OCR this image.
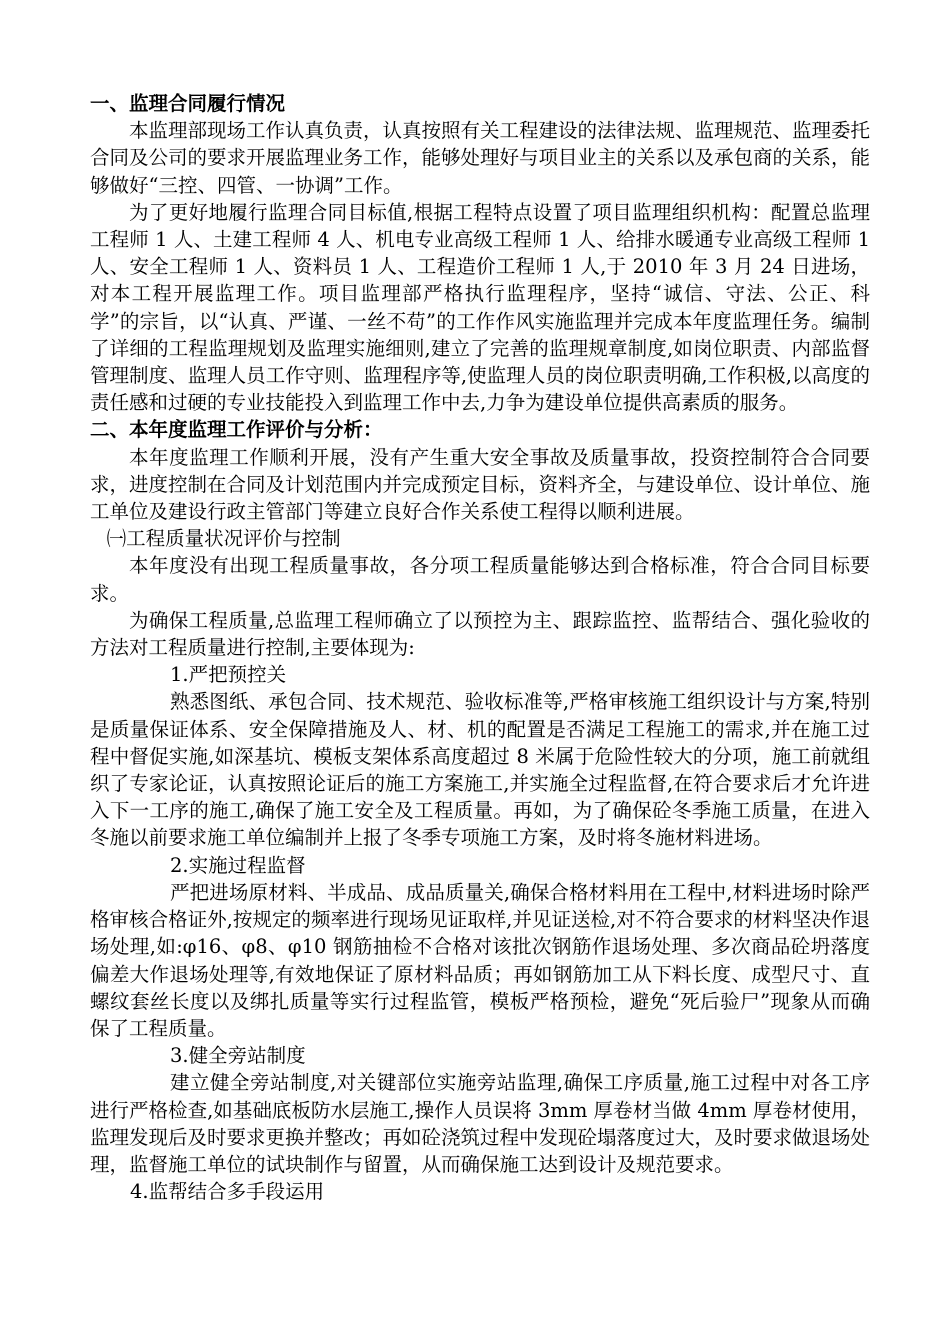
一、监理合同履行情况

本监理部现场工作认真负责，认真按照有关工程建设的法律法规、监理规范、监理委托合同及公司的要求开展监理业务工作，能够处理好与项目业主的关系以及承包商的关系，能够做好“三控、四管、一协调”工作。

为了更好地履行监理合同目标值,根据工程特点设置了项目监理组织机构：配置总监理工程师 1 人、土建工程师 4 人、机电专业高级工程师 1 人、给排水暖通专业高级工程师 1 人、安全工程师 1 人、资料员 1 人、工程造价工程师 1 人,于 2010 年 3 月 24 日进场，对本工程开展监理工作。项目监理部严格执行监理程序，坚持“诚信、守法、公正、科学”的宗旨，以“认真、严谨、一丝不苟”的工作作风实施监理并完成本年度监理任务。编制了详细的工程监理规划及监理实施细则,建立了完善的监理规章制度,如岗位职责、内部监督管理制度、监理人员工作守则、监理程序等,使监理人员的岗位职责明确,工作积极,以高度的责任感和过硬的专业技能投入到监理工作中去,力争为建设单位提供高素质的服务。

二、本年度监理工作评价与分析：

本年度监理工作顺利开展，没有产生重大安全事故及质量事故，投资控制符合合同要求，进度控制在合同及计划范围内并完成预定目标，资料齐全，与建设单位、设计单位、施工单位及建设行政主管部门等建立良好合作关系使工程得以顺利进展。

㈠工程质量状况评价与控制

本年度没有出现工程质量事故，各分项工程质量能够达到合格标准，符合合同目标要求。

为确保工程质量,总监理工程师确立了以预控为主、跟踪监控、监帮结合、强化验收的方法对工程质量进行控制,主要体现为:

1.严把预控关

熟悉图纸、承包合同、技术规范、验收标准等,严格审核施工组织设计与方案,特别是质量保证体系、安全保障措施及人、材、机的配置是否满足工程施工的需求,并在施工过程中督促实施,如深基坑、模板支架体系高度超过 8 米属于危险性较大的分项，施工前就组织了专家论证，认真按照论证后的施工方案施工,并实施全过程监督,在符合要求后才允许进入下一工序的施工,确保了施工安全及工程质量。再如，为了确保砼冬季施工质量，在进入冬施以前要求施工单位编制并上报了冬季专项施工方案，及时将冬施材料进场。

2.实施过程监督

严把进场原材料、半成品、成品质量关,确保合格材料用在工程中,材料进场时除严格审核合格证外,按规定的频率进行现场见证取样,并见证送检,对不符合要求的材料坚决作退场处理,如:φ16、φ8、φ10 钢筋抽检不合格对该批次钢筋作退场处理、多次商品砼坍落度偏差大作退场处理等,有效地保证了原材料品质；再如钢筋加工从下料长度、成型尺寸、直螺纹套丝长度以及绑扎质量等实行过程监管，模板严格预检，避免“死后验尸”现象从而确保了工程质量。

3.健全旁站制度

建立健全旁站制度,对关键部位实施旁站监理,确保工序质量,施工过程中对各工序进行严格检查,如基础底板防水层施工,操作人员误将 3mm 厚卷材当做 4mm 厚卷材使用，监理发现后及时要求更换并整改；再如砼浇筑过程中发现砼塌落度过大，及时要求做退场处理，监督施工单位的试块制作与留置，从而确保施工达到设计及规范要求。

4.监帮结合多手段运用
